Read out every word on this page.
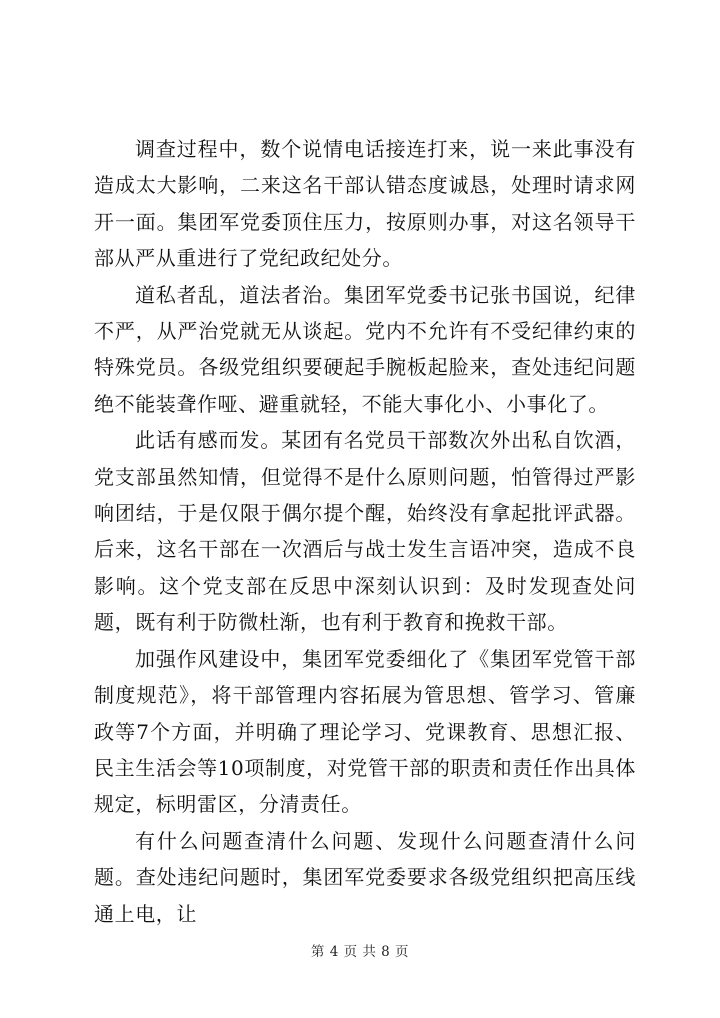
调查过程中，数个说情电话接连打来，说一来此事没有造成太大影响，二来这名干部认错态度诚恳，处理时请求网开一面。集团军党委顶住压力，按原则办事，对这名领导干部从严从重进行了党纪政纪处分。

道私者乱，道法者治。集团军党委书记张书国说，纪律不严，从严治党就无从谈起。党内不允许有不受纪律约束的特殊党员。各级党组织要硬起手腕板起脸来，查处违纪问题绝不能装聋作哑、避重就轻，不能大事化小、小事化了。

此话有感而发。某团有名党员干部数次外出私自饮酒，党支部虽然知情，但觉得不是什么原则问题，怕管得过严影响团结，于是仅限于偶尔提个醒，始终没有拿起批评武器。后来，这名干部在一次酒后与战士发生言语冲突，造成不良影响。这个党支部在反思中深刻认识到：及时发现查处问题，既有利于防微杜渐，也有利于教育和挽救干部。

加强作风建设中，集团军党委细化了《集团军党管干部制度规范》，将干部管理内容拓展为管思想、管学习、管廉政等7个方面，并明确了理论学习、党课教育、思想汇报、民主生活会等10项制度，对党管干部的职责和责任作出具体规定，标明雷区，分清责任。

有什么问题查清什么问题、发现什么问题查清什么问题。查处违纪问题时，集团军党委要求各级党组织把高压线通上电，让

第 4 页 共 8 页
